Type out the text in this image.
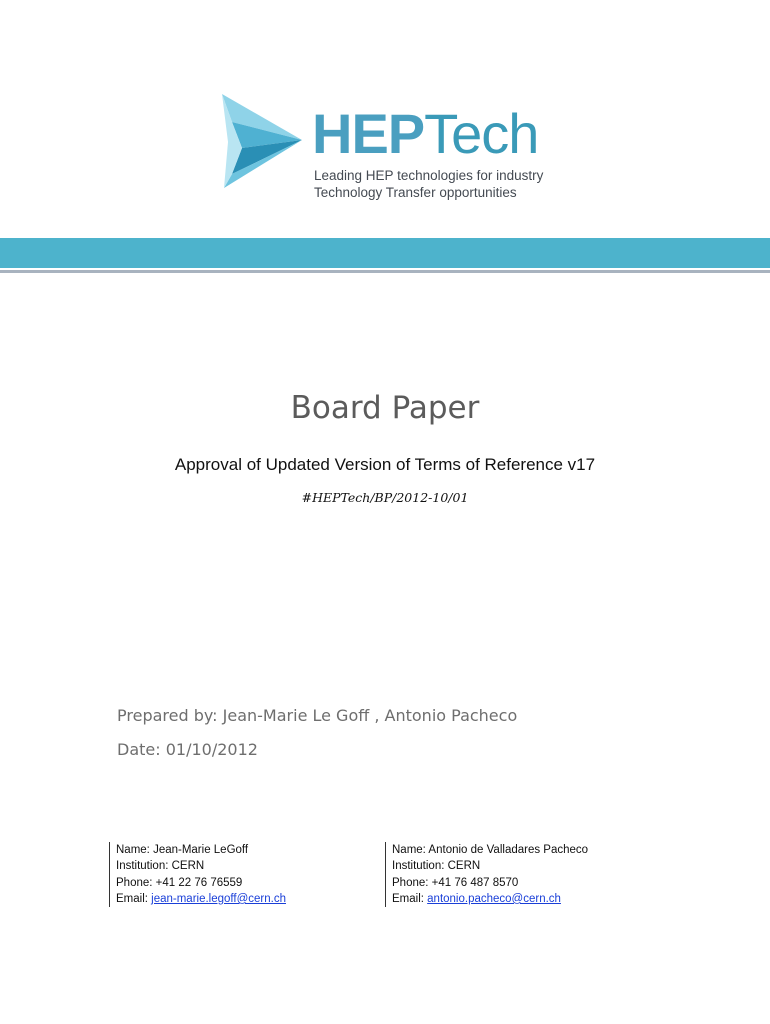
HEPTech
Leading HEP technologies for industry
Technology Transfer opportunities
Board Paper
Approval of Updated Version of Terms of Reference v17
#HEPTech/BP/2012-10/01
Prepared by: Jean-Marie Le Goff , Antonio Pacheco
Date: 01/10/2012
Name: Jean-Marie LeGoff
Institution: CERN
Phone: +41 22 76 76559
Email: jean-marie.legoff@cern.ch
Name: Antonio de Valladares Pacheco
Institution: CERN
Phone: +41 76 487 8570
Email: antonio.pacheco@cern.ch
